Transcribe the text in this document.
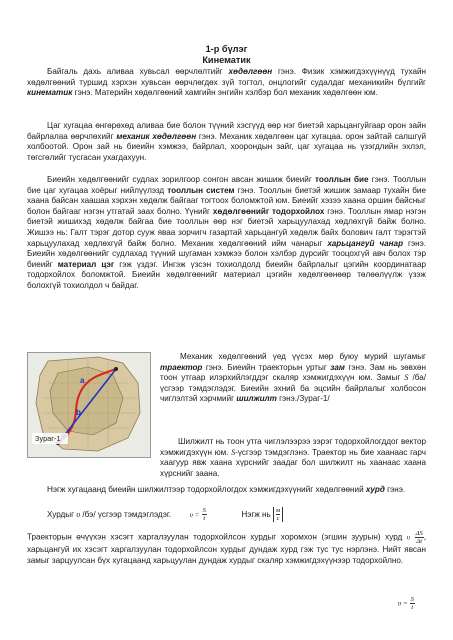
1-р бүлэг
Кинематик

Байгаль дахь аливаа хувьсал өөрчлөлтийг хөдөлгөөн гэнэ. Физик хэмжигдэхүүнүүд тухайн хөдөлгөөний туршид хэрхэн хувьсан өөрчлөгдөх зүй тогтол, онцлогийг судалдаг механикийн бүлгийг кинематик гэнэ. Материйн хөдөлгөөний хамгийн энгийн хэлбэр бол механик хөдөлгөөн юм.

Цаг хугацаа өнгөрөхөд аливаа бие болон түүний хэсгүүд өөр нэг биетэй харьцангуйгаар орон зайн байрлалаа өөрчлөхийг механик хөдөлгөөн гэнэ. Механик хөдөлгөөн цаг хугацаа. орон зайтай салшгүй холбоотой. Орон зай нь биеийн хэмжээ, байрлал, хоорондын зайг, цаг хугацаа нь үзэгдлийн эхлэл, төгсгөлийг тусгасан ухагдахуун.

Биеийн хөдөлгөөнийг судлах зорилгоор сонгон авсан жишиж биеийг тооллын бие гэнэ. Тооллын бие цаг хугацаа хоёрыг нийлүүлэзд тооллын систем гэнэ. Тооллын биетэй жишиж замаар тухайн бие хаана байсан хаашаа хэрхэн хөдөлж байгааг тогтоох боломжтой юм. Биеийг хэзээ хаана оршин байсныг болон байгааг нэгэн утгатай заах болно. Үүнийг хөдөлгөөнийг тодорхойлох гэнэ. Тооллын ямар нэгэн биетэй жишихэд хөдөлж байгаа бие тооллын өөр нэг биетэй харьцуулахад хөдлөхгүй байж болно. Жишээ нь: Галт тэрэг дотор сууж яваа зорчигч газартай харьцангуй хөдөлж байх болович галт тэрэгтэй харьцуулахад хөдлөхгүй байж болно. Механик хөдөлгөөний ийм чанарыг харьцангуй чанар гэнэ. Биеийн хөдөлгөөнийг судлахад түүний шугаман хэмжээ болон хэлбэр дүрсийг тооцохгүй авч болох тэр биеийг материал цэг гэж үздэг. Ингэж үзсэн тохиолдолд биеийн байрлалыг цэгийн координатаар тодорхойлох боломжтой. Биеийн хөдөлгөөнийг материал цэгийн хөдөлгөөнөөр төлөөлүүлж үзэж болохгүй тохиолдол ч байдаг.

a
b
Зураг-1

Механик хөдөлгөөний үед үүсэх мөр буюу мурий шугамыг траектор гэнэ. Биеийн траекторын уртыг зам гэнэ. Зам нь зөвхөн тоон утгаар илэрхийлэгддэг скаляр хэмжигдэхүүн юм. Замыг S /ба/ үсгээр тэмдэглэдэг. Биеийн эхний ба эцсийн байрлалыг холбосон чиглэлтэй хэрчмийг шилжилт гэнэ./Зураг-1/

Шилжилт нь тоон утга чиглэлээрээ зэрэг тодорхойлогддог вектор хэмжигдэхүүн юм. S-үсгээр тэмдэглэнэ. Траектор нь бие хаанаас гарч хаагуур явж хаана хүрснийг заадаг бол шилжилт нь хаанаас хаана хүрснийг заана.

Нэгж хугацаанд биеийн шилжилтээр тодорхойлогдох хэмжигдэхүүнийг хөдөлгөөний хурд гэнэ.

Хурдыг υ /бэ/ үсгээр тэмдэглэдэг.	$\upsilon = \frac{S}{t}$	Нэгж нь м
с

Траекторын өчүүхэн хэсэгт харгалзуулан тодорхойлсон хурдыг хоромхон (эгшин зуурын) хурд υ $\frac{\Delta S}{\Delta t}$ , харьцангуй их хэсэгт харгалзуулан тодорхойлсон хурдыг дундаж хурд гэж тус тус нэрлэнэ. Нийт явсан замыг зарцуулсан бүх хугацаанд харьцуулан дундаж хурдыг скаляр хэмжигдэхүүнээр тодорхойлно.

$\upsilon = \frac{S}{t}$
